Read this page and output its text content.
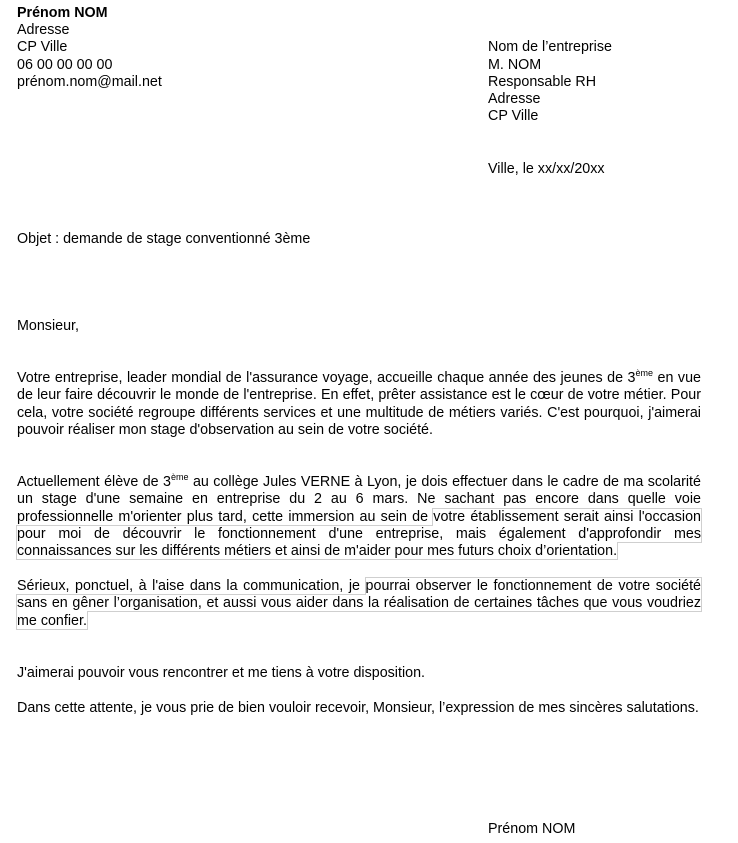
Prénom NOM
Adresse
CP Ville
06 00 00 00 00
prénom.nom@mail.net
Nom de l’entreprise
M. NOM
Responsable RH
Adresse
CP Ville
Ville, le xx/xx/20xx
Objet : demande de stage conventionné 3ème
Monsieur,
Votre entreprise, leader mondial de l'assurance voyage, accueille chaque année des jeunes de 3ème en vue de leur faire découvrir le monde de l'entreprise. En effet, prêter assistance est le cœur de votre métier. Pour cela, votre société regroupe différents services et une multitude de métiers variés. C'est pourquoi, j'aimerai pouvoir réaliser mon stage d'observation au sein de votre société.
Actuellement élève de 3ème au collège Jules VERNE à Lyon, je dois effectuer dans le cadre de ma scolarité un stage d'une semaine en entreprise du 2 au 6 mars. Ne sachant pas encore dans quelle voie professionnelle m'orienter plus tard, cette immersion au sein de votre établissement serait ainsi l'occasion pour moi de découvrir le fonctionnement d'une entreprise, mais également d'approfondir mes connaissances sur les différents métiers et ainsi de m'aider pour mes futurs choix d’orientation.
Sérieux, ponctuel, à l'aise dans la communication, je pourrai observer le fonctionnement de votre société sans en gêner l’organisation, et aussi vous aider dans la réalisation de certaines tâches que vous voudriez me confier.
J'aimerai pouvoir vous rencontrer et me tiens à votre disposition.
Dans cette attente, je vous prie de bien vouloir recevoir, Monsieur, l’expression de mes sincères salutations.
Prénom NOM
